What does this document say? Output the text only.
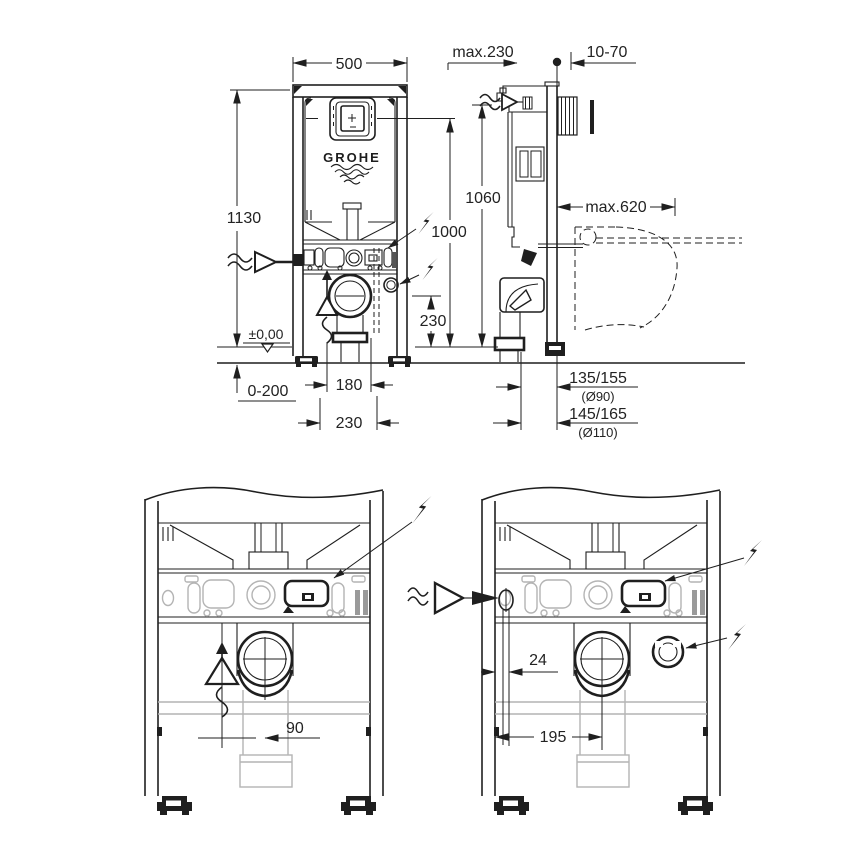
GROHE
500
1130
1000
230
±0,00
0-200	180
230
max.230	10-70
1060
max.620
135/155
(Ø90)
145/165
(Ø110)
90
24
195
